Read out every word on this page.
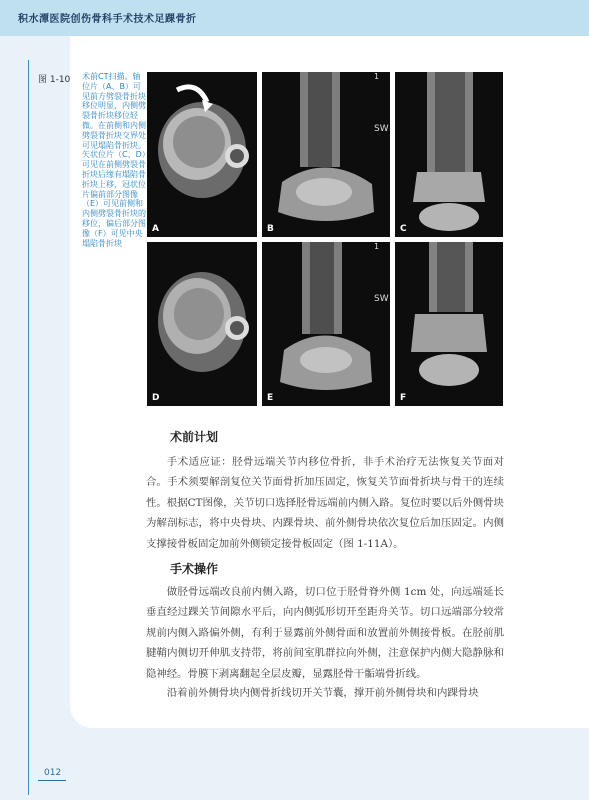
积水潭医院创伤骨科手术技术足踝骨折
图 1-10 术前CT扫描。轴位片（A、B）可见前方劈裂骨折块移位明显，内侧劈裂骨折块移位轻微。在前侧和内侧劈裂骨折块交界处可见塌陷骨折块。矢状位片（C、D）可见在前侧劈裂骨折块后缘有塌陷骨折块上移，冠状位片偏前部分图像（E）可见前侧和内侧劈裂骨折块的移位，偏后部分图像（F）可见中央塌陷骨折块
A
1
SW
B	C
D
1
SW
E	F
术前计划
手术适应证：胫骨远端关节内移位骨折，非手术治疗无法恢复关节面对合。手术须要解剖复位关节面骨折加压固定，恢复关节面骨折块与骨干的连续性。根据CT图像，关节切口选择胫骨远端前内侧入路。复位时要以后外侧骨块为解剖标志，将中央骨块、内踝骨块、前外侧骨块依次复位后加压固定。内侧支撑接骨板固定加前外侧锁定接骨板固定（图 1-11A）。
手术操作
做胫骨远端改良前内侧入路，切口位于胫骨脊外侧 1cm 处，向远端延长垂直经过踝关节间隙水平后，向内侧弧形切开至距舟关节。切口远端部分较常规前内侧入路偏外侧，有利于显露前外侧骨面和放置前外侧接骨板。在胫前肌腱鞘内侧切开伸肌支持带，将前间室肌群拉向外侧，注意保护内侧大隐静脉和隐神经。骨膜下剥离翻起全层皮瓣，显露胫骨干骺端骨折线。
沿着前外侧骨块内侧骨折线切开关节囊，撑开前外侧骨块和内踝骨块
012
